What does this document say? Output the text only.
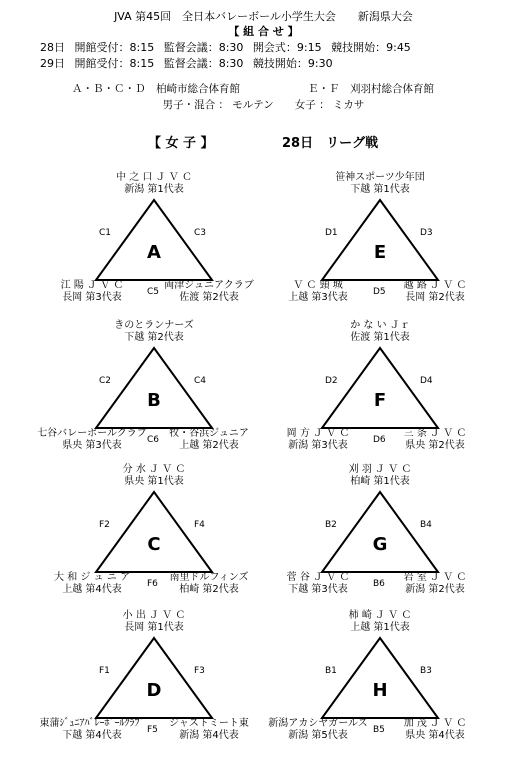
JVA 第45回　全日本バレーボール小学生大会　　新潟県大会
【 組 合 せ 】
28日 開館受付：8:15 監督会議：8:30 開会式：9:15 競技開始：9:45
29日 開館受付：8:15 監督会議：8:30 競技開始：9:30
Ａ・Ｂ・Ｃ・Ｄ　柏崎市総合体育館	Ｅ・Ｆ　刈羽村総合体育館
男子・混合 ： モルテン　　女子 ： ミカサ
【 女 子 】	28日　リーグ戦
中 之 口 Ｊ Ｖ Ｃ
新潟 第1代表
A
C1	C3
C5
江 陽 Ｊ Ｖ Ｃ
長岡 第3代表
両津ジュニアクラブ
佐渡 第2代表
笹神スポーツ少年団
下越 第1代表
E
D1	D3
D5
Ｖ Ｃ 頸 城
上越 第3代表
越 路 Ｊ Ｖ Ｃ
長岡 第2代表
きのとランナーズ
下越 第2代表
B
C2	C4
C6
七谷バレーボールクラブ
県央 第3代表
牧・谷浜ジュニア
上越 第2代表
か な い Ｊｒ
佐渡 第1代表
F
D2	D4
D6
岡 方 Ｊ Ｖ Ｃ
新潟 第3代表
三 条 Ｊ Ｖ Ｃ
県央 第2代表
分 水 Ｊ Ｖ Ｃ
県央 第1代表
C
F2	F4
F6
大 和 ジ ュ ニ ア
上越 第4代表
南里ドルフィンズ
柏崎 第2代表
刈 羽 Ｊ Ｖ Ｃ
柏崎 第1代表
G
B2	B4
B6
菅 谷 Ｊ Ｖ Ｃ
下越 第3代表
岩 室 Ｊ Ｖ Ｃ
新潟 第2代表
小 出 Ｊ Ｖ Ｃ
長岡 第1代表
D
F1	F3
F5
東蒲ｼﾞｭﾆｱﾊﾞﾚｰﾎﾞｰﾙｸﾗﾌﾞ
下越 第4代表
ジャストミート東
新潟 第4代表
柿 崎 Ｊ Ｖ Ｃ
上越 第1代表
H
B1	B3
B5
新潟アカシヤガールズ
新潟 第5代表
加 茂 Ｊ Ｖ Ｃ
県央 第4代表
